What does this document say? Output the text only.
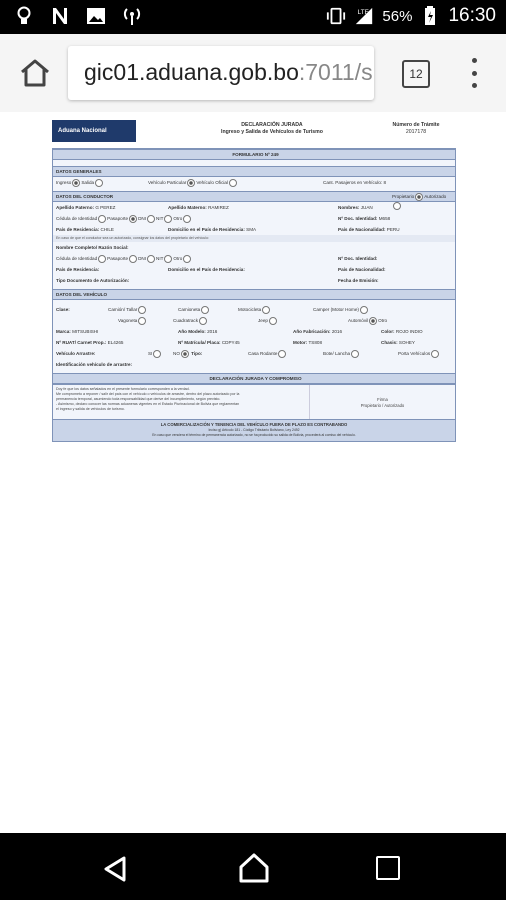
LTE 56% 16:30
gic01.aduana.gob.bo:7011/s	12
Aduana Nacional
DECLARACIÓN JURADA
Ingreso y Salida de Vehículos de Turismo
Número de Trámite
2017178
FORMULARIO Nº 249
DATOS GENERALES
Ingreso Salida	Vehículo Particular Vehículo Oficial	Cant. Pasajeros en Vehículo: 8
DATOS DEL CONDUCTOR	Propietario Autorizado
Apellido Paterno: G PEREZ	Apellido Materno: RAMIREZ	Nombres: JUAN
Cédula de Identidad Pasaporte DNI NIT Otro	Nº Doc. Identidad: M658
País de Residencia: CHILE	Domicilio en el País de Residencia: SMA	País de Nacionalidad: PERU
En caso de que el conductor sea un autorizado, consignar los datos del propietario del vehículo:
Nombre Completo/ Razón Social:
Cédula de Identidad Pasaporte DNI NIT Otro	Nº Doc. Identidad:
País de Residencia:	Domicilio en el País de Residencia:	País de Nacionalidad:
Tipo Documento de Autorización:	Fecha de Emisión:
DATOS DEL VEHÍCULO
Clase:	Camión/ Tallar	Camioneta	Motocicleta	Camper (Motor Home)
Vagoneta	Cuadratrack	Jeep	Automóvil Otro
Marca: MITSUBISHI	Año Modelo: 2016	Año Fabricación: 2016	Color: ROJO INDIO
Nº RUAT/ Carnet Prop.: EL4265	Nº Matrícula/ Placa: CDPY45	Motor: TS808	Chasis: SOHEY
Vehículo Arrastre:	SI	NO Tipo:	Casa Rodante	Bote/ Lancha	Porta Vehículos
Identificación vehículo de arrastre:
DECLARACIÓN JURADA Y COMPROMISO
Doy fe que los datos señalados en el presente formulario corresponden a la verdad.
Me comprometo a reponer / salir del país con el vehículo o vehículos de arrastre, dentro del plazo autorizado por la
permanencia temporal, asumiendo toda responsabilidad que derive del incumplimiento, según previsto.
- Asimismo, declaro conocer las normas aduaneras vigentes en el Estado Plurinacional de Bolivia que reglamentan
el ingreso y salida de vehículos de turismo.
Firma
Propietario / Autorizado
LA COMERCIALIZACIÓN Y TENENCIA DEL VEHÍCULO FUERA DE PLAZO ES CONTRABANDO
Inciso g) Artículo 181 - Código Tributario Boliviano, Ley 2492
En caso que venciera el término de permanencia autorizado, no se ha producido su salida de Bolivia, procederá al comiso del vehículo.
